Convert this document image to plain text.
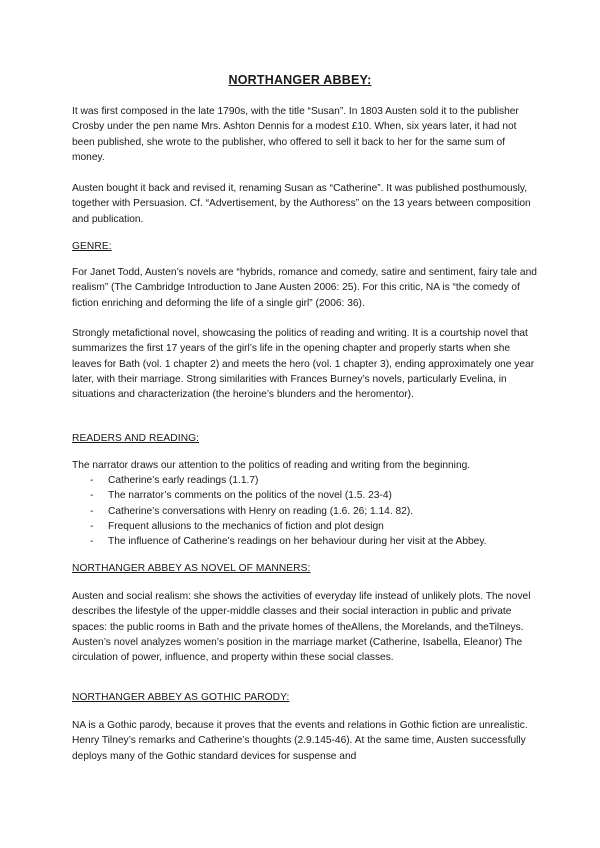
NORTHANGER ABBEY:

It was first composed in the late 1790s, with the title “Susan”. In 1803 Austen sold it to the publisher Crosby under the pen name Mrs. Ashton Dennis for a modest £10. When, six years later, it had not been published, she wrote to the publisher, who offered to sell it back to her for the same sum of money.

Austen bought it back and revised it, renaming Susan as “Catherine”. It was published posthumously, together with Persuasion. Cf. “Advertisement, by the Authoress” on the 13 years between composition and publication.

GENRE:

For Janet Todd, Austen’s novels are “hybrids, romance and comedy, satire and sentiment, fairy tale and realism” (The Cambridge Introduction to Jane Austen 2006: 25). For this critic, NA is “the comedy of fiction enriching and deforming the life of a single girl” (2006: 36).

Strongly metafictional novel, showcasing the politics of reading and writing. It is a courtship novel that summarizes the first 17 years of the girl’s life in the opening chapter and properly starts when she leaves for Bath (vol. 1 chapter 2) and meets the hero (vol. 1 chapter 3), ending approximately one year later, with their marriage. Strong similarities with Frances Burney’s novels, particularly Evelina, in situations and characterization (the heroine’s blunders and the heromentor).

READERS AND READING:

The narrator draws our attention to the politics of reading and writing from the beginning.

- Catherine’s early readings (1.1.7)
- The narrator’s comments on the politics of the novel (1.5. 23-4)
- Catherine’s conversations with Henry on reading (1.6. 26; 1.14. 82).
- Frequent allusions to the mechanics of fiction and plot design
- The influence of Catherine’s readings on her behaviour during her visit at the Abbey.
NORTHANGER ABBEY AS NOVEL OF MANNERS:

Austen and social realism: she shows the activities of everyday life instead of unlikely plots. The novel describes the lifestyle of the upper-middle classes and their social interaction in public and private spaces: the public rooms in Bath and the private homes of theAllens, the Morelands, and theTilneys. Austen’s novel analyzes women’s position in the marriage market (Catherine, Isabella, Eleanor) The circulation of power, influence, and property within these social classes.

NORTHANGER ABBEY AS GOTHIC PARODY:

NA is a Gothic parody, because it proves that the events and relations in Gothic fiction are unrealistic. Henry Tilney’s remarks and Catherine’s thoughts (2.9.145-46). At the same time, Austen successfully deploys many of the Gothic standard devices for suspense and
